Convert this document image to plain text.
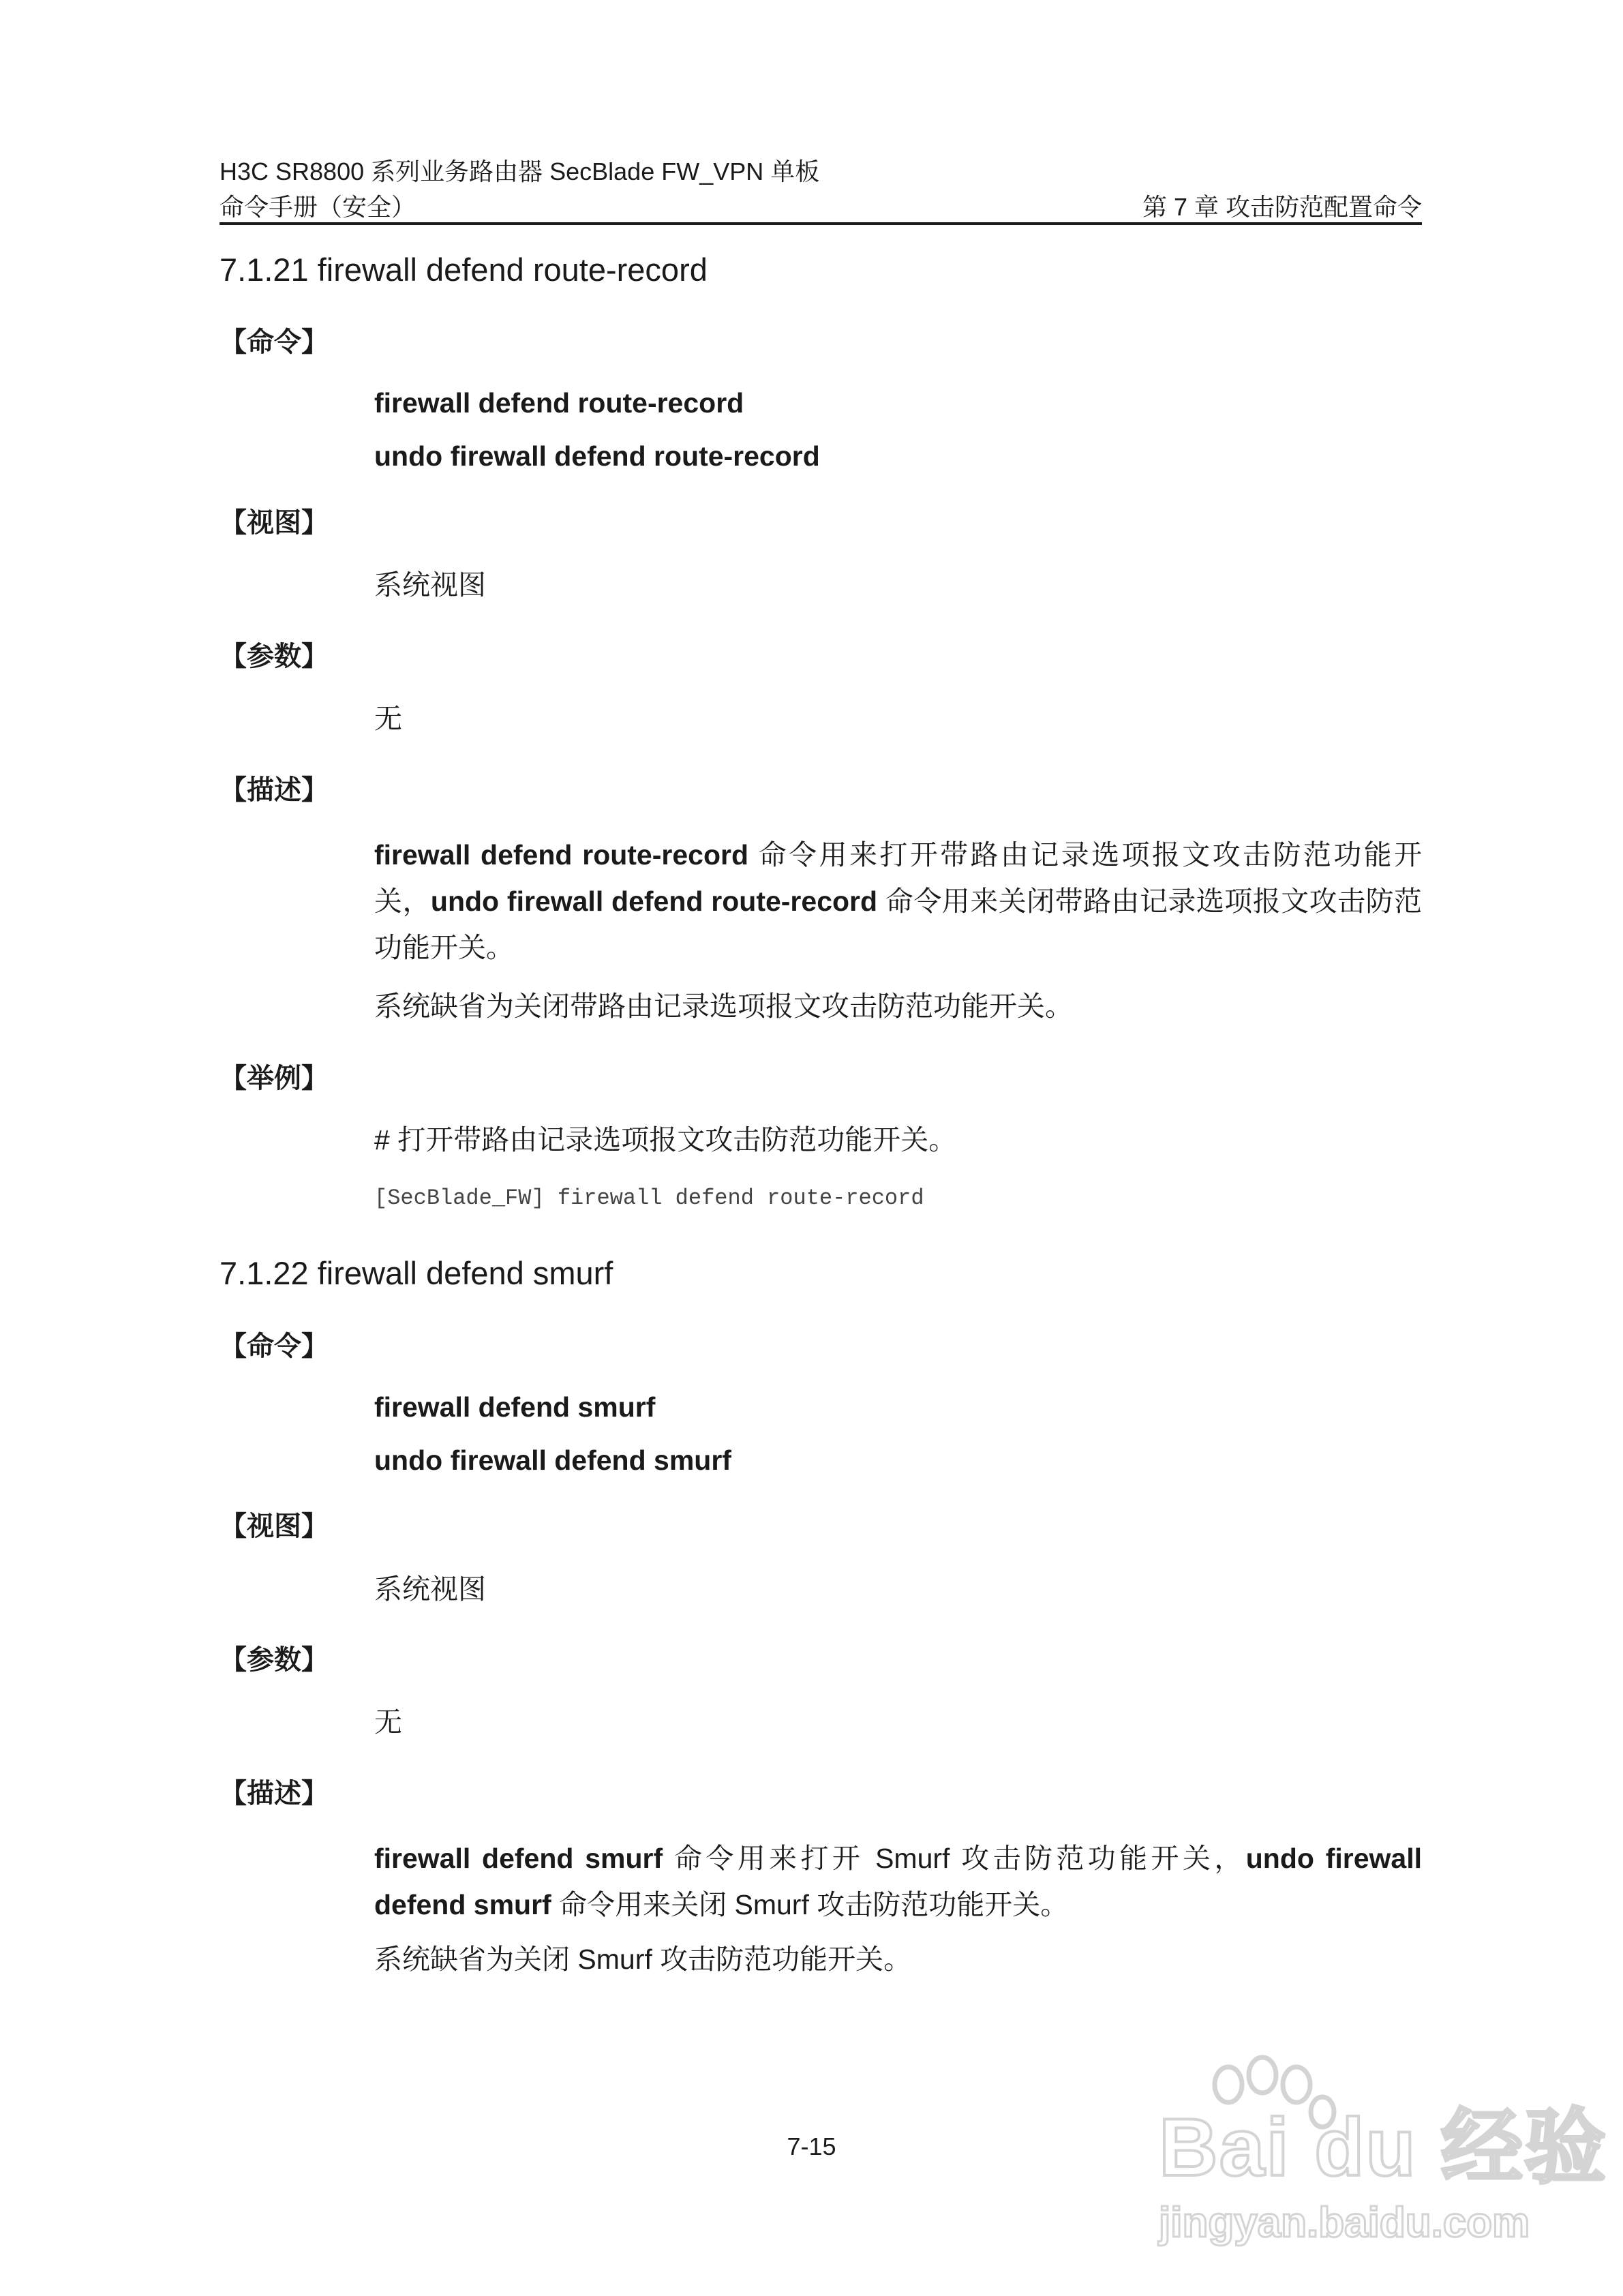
H3C SR8800 系列业务路由器 SecBlade FW_VPN 单板
命令手册（安全）	第 7 章 攻击防范配置命令
7.1.21 firewall defend route-record
【命令】
firewall defend route-record
undo firewall defend route-record
【视图】
系统视图
【参数】
无
【描述】
firewall defend route-record 命令用来打开带路由记录选项报文攻击防范功能开关，undo firewall defend route-record 命令用来关闭带路由记录选项报文攻击防范功能开关。
系统缺省为关闭带路由记录选项报文攻击防范功能开关。
【举例】
# 打开带路由记录选项报文攻击防范功能开关。
[SecBlade_FW] firewall defend route-record
7.1.22 firewall defend smurf
【命令】
firewall defend smurf
undo firewall defend smurf
【视图】
系统视图
【参数】
无
【描述】
firewall defend smurf 命令用来打开 Smurf 攻击防范功能开关，undo firewall defend smurf 命令用来关闭 Smurf 攻击防范功能开关。
系统缺省为关闭 Smurf 攻击防范功能开关。
7-15	Bai du 经验
jingyan.baidu.com
